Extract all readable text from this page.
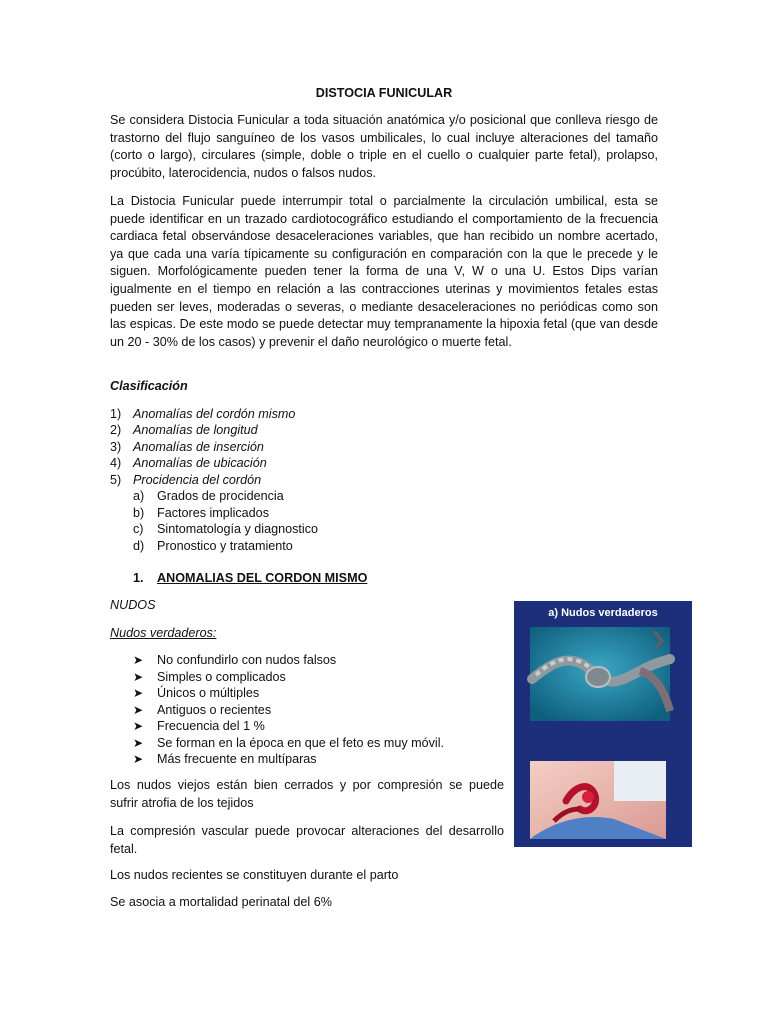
DISTOCIA FUNICULAR

Se considera Distocia Funicular a toda situación anatómica y/o posicional que conlleva riesgo de trastorno del flujo sanguíneo de los vasos umbilicales, lo cual incluye alteraciones del tamaño (corto o largo), circulares (simple, doble o triple en el cuello o cualquier parte fetal), prolapso, procúbito, laterocidencia, nudos o falsos nudos.

La Distocia Funicular puede interrumpir total o parcialmente la circulación umbilical, esta se puede identificar en un trazado cardiotocográfico estudiando el comportamiento de la frecuencia cardiaca fetal observándose desaceleraciones variables, que han recibido un nombre acertado, ya que cada una varía típicamente su configuración en comparación con la que le precede y le siguen. Morfológicamente pueden tener la forma de una V, W o una U. Estos Dips varían igualmente en el tiempo en relación a las contracciones uterinas y movimientos fetales estas pueden ser leves, moderadas o severas, o mediante desaceleraciones no periódicas como son las espicas. De este modo se puede detectar muy tempranamente la hipoxia fetal (que van desde un 20 - 30% de los casos) y prevenir el daño neurológico o muerte fetal.

Clasificación
1) Anomalías del cordón mismo
2) Anomalías de longitud
3) Anomalías de inserción
4) Anomalías de ubicación
5) Procidencia del cordón
a) Grados de procidencia
b) Factores implicados
c) Sintomatología y diagnostico
d) Pronostico y tratamiento
1. ANOMALIAS DEL CORDON MISMO
NUDOS
Nudos verdaderos:
➤ No confundirlo con nudos falsos
➤ Simples o complicados
➤ Únicos o múltiples
➤ Antiguos o recientes
➤ Frecuencia del 1 %
➤ Se forman en la época en que el feto es muy móvil.
➤ Más frecuente en multíparas

Los nudos viejos están bien cerrados y por compresión se puede sufrir atrofia de los tejidos

La compresión vascular puede provocar alteraciones del desarrollo fetal.

Los nudos recientes se constituyen durante el parto
Se asocia a mortalidad perinatal del 6%
a) Nudos verdaderos
